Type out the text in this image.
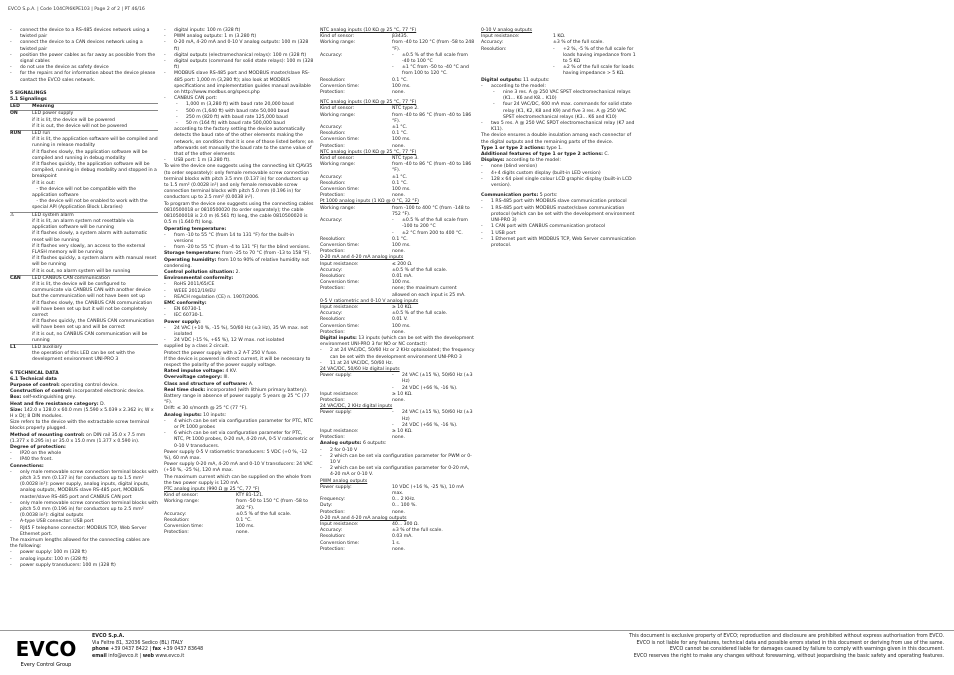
EVCO S.p.A. | Code 104CPI6KPE103 | Page 2 of 2 | PT 46/16
- connect the device to a RS-485 devices network using a twisted pair
- connect the device to a CAN devices network using a twisted pair
- position the power cables as far away as possible from the signal cables
- do not use the device as safety device
- for the repairs and for information about the device please contact the EVCO sales network.
5 SIGNALINGS
5.1 Signalings
LED	Meaning
ON	LED power supply
if it is lit, the device will be powered
if it is out, the device will not be powered
RUN	LED run
if it is lit, the application software will be compiled and running in release modality
if it flashes slowly, the application software will be compiled and running in debug modality
if it flashes quickly, the application software will be compiled, running in debug modality and stopped in a breakpoint
if it is out:
- the device will not be compatible with the application software
- the device will not be enabled to work with the special API (Application Block Libraries)
⚠	LED system alarm
if it is lit, an alarm system not resettable via application software will be running
if it flashes slowly, a system alarm with automatic reset will be running
if it flashes very slowly, an access to the external FLASH memory will be running
if it flashes quickly, a system alarm with manual reset will be running
if it is out, no alarm system will be running
CAN	LED CANBUS CAN communication
if it is lit, the device will be configured to communicate via CANBUS CAN with another device but the communication will not have been set up
if it flashes slowly, the CANBUS CAN communication will have been set up but it will not be completely correct
if it flashes quickly, the CANBUS CAN communication will have been set up and will be correct
if it is out, no CANBUS CAN communication will be running
L1	LED auxiliary
the operation of this LED can be set with the development environment UNI-PRO 3
6 TECHNICAL DATA
6.1 Technical data
Purpose of control: operating control device.
Construction of control: incorporated electronic device.
Box: self-extinguishing grey.
Heat and fire resistance category: D.
Size: 142.0 x 128.0 x 60.0 mm (5.590 x 5.039 x 2.362 in; W x H x D); 8 DIN modules.
Size refers to the device with the extractable screw terminal blocks properly plugged.
Method of mounting control: on DIN rail 35.0 x 7.5 mm (1.377 x 0.295 in) or 35.0 x 15.0 mm (1.377 x 0.590 in).
Degree of protection:
- IP20 on the whole
- IP40 the front.
Connections:
- only male removable screw connection terminal blocks with pitch 3.5 mm (0.137 in) for conductors up to 1.5 mm² (0.0028 in²): power supply, analog inputs, digital inputs, analog outputs, MODBUS slave RS-485 port, MODBUS master/slave RS-485 port and CANBUS CAN port
- only male removable screw connection terminal blocks with pitch 5.0 mm (0.196 in) for conductors up to 2.5 mm² (0.0038 in²): digital outputs
- A-type USB connector: USB port
- RJ45 F telephone connector: MODBUS TCP, Web Server Ethernet port.
The maximum lengths allowed for the connecting cables are the following:
- power supply: 100 m (328 ft)
- analog inputs: 100 m (328 ft)
- power supply transducers: 100 m (328 ft)
- digital inputs: 100 m (328 ft)
- PWM analog outputs: 1 m (3.280 ft)
- 0-20 mA, 4-20 mA and 0-10 V analog outputs: 100 m (328 ft)
- digital outputs (electromechanical relays): 100 m (328 ft)
- digital outputs (command for solid state relays): 100 m (328 ft)
- MODBUS slave RS-485 port and MODBUS master/slave RS-485 port: 1,000 m (3,280 ft); also look at MODBUS specifications and implementation guides manual available on http://www.modbus.org/specs.php
- CANBUS CAN port:
- 1,000 m (3,280 ft) with baud rate 20,000 baud
- 500 m (1,640 ft) with baud rate 50,000 baud
- 250 m (820 ft) with baud rate 125,000 baud
- 50 m (164 ft) with baud rate 500,000 baud
according to the factory setting the device automatically detects the baud rate of the other elements making the network, on condition that it is one of those listed before; on afterwards set manually the baud rate to the same value of that of the other elements
- USB port: 1 m (3.280 ft).
To wire the device one suggests using the connecting kit CJAV35 (to order separately): only female removable screw connection terminal blocks with pitch 3.5 mm (0.137 in) for conductors up to 1.5 mm² (0.0028 in²) and only female removable screw connection terminal blocks with pitch 5.0 mm (0.196 in) for conductors up to 2.5 mm² (0.0038 in²).
To program the device one suggests using the connecting cables 0810500018 or 0810500020 (to order separately); the cable 0810500018 is 2.0 m (6.561 ft) long, the cable 0810500020 is 0.5 m (1.640 ft) long.
Operating temperature:
- from -10 to 55 °C (from 14 to 131 °F) for the built-in versions
- from -20 to 55 °C (from -4 to 131 °F) for the blind versions.
Storage temperature: from -25 to 70 °C (from -13 to 158 °F).
Operating humidity: from 10 to 90% of relative humidity not condensing.
Control pollution situation: 2.
Environmental conformity:
- RoHS 2011/65/CE
- WEEE 2012/19/EU
- REACH regulation (CE) n. 1907/2006.
EMC conformity:
- EN 60730-1
- IEC 60730-1.
Power supply:
- 24 VAC (+10 %, -15 %), 50/60 Hz (±3 Hz), 35 VA max. not isolated
- 24 VDC (-15 %, +65 %), 12 W max. not isolated
supplied by a class 2 circuit.
Protect the power supply with a 2 A-T 250 V fuse.
If the device is powered in direct current, it will be necessary to respect the polarity of the power supply voltage.
Rated impulse voltage: 4 KV.
Overvoltage category: III.
Class and structure of software: A.
Real time clock: incorporated (with lithium primary battery).
Battery range in absence of power supply: 5 years @ 25 °C (77 °F).
Drift: ≤ 30 s/month @ 25 °C (77 °F).
Analog inputs: 10 inputs:
- 4 which can be set via configuration parameter for PTC, NTC or Pt 1000 probes
- 6 which can be set via configuration parameter for PTC, NTC, Pt 1000 probes, 0-20 mA, 4-20 mA, 0-5 V ratiometric or 0-10 V transducers.
Power supply 0-5 V ratiometric transducers: 5 VDC (+0 %, -12 %), 60 mA max.
Power supply 0-20 mA, 4-20 mA and 0-10 V transducers: 24 VAC (+50 %, -25 %), 120 mA max.
The maximum current which can be supplied on the whole from the two power supply is 120 mA.
PTC analog inputs (990 Ω @ 25 °C, 77 °F)
Kind of sensor:	KTY 81-121.
Working range:	from -50 to 150 °C (from -58 to 302 °F).
Accuracy:	±0.5 % of the full scale.
Resolution:	0.1 °C.
Conversion time:	100 ms.
Protection:	none.
NTC analog inputs (10 KΩ @ 25 °C, 77 °F)
Kind of sensor:	β3435.
Working range:	from -40 to 120 °C (from -58 to 248 °F).
Accuracy:	- ±0.5 % of the full scale from -40 to 100 °C
- ±1 °C from -50 to -40 °C and from 100 to 120 °C.
Resolution:	0.1 °C.
Conversion time:	100 ms.
Protection:	none.
NTC analog inputs (10 KΩ @ 25 °C, 77 °F)
Kind of sensor:	NTC type 2.
Working range:	from -40 to 86 °C (from -40 to 186 °F).
Accuracy:	±1 °C.
Resolution:	0.1 °C.
Conversion time:	100 ms.
Protection:	none.
NTC analog inputs (10 KΩ @ 25 °C, 77 °F)
Kind of sensor:	NTC type 3.
Working range:	from -40 to 86 °C (from -40 to 186 °F).
Accuracy:	±1 °C.
Resolution:	0.1 °C.
Conversion time:	100 ms.
Protection:	none.
Pt 1000 analog inputs (1 KΩ @ 0 °C, 32 °F)
Working range:	from -100 to 400 °C (from -148 to 752 °F).
Accuracy:	- ±0.5 % of the full scale from -100 to 200 °C
- ±2 °C from 200 to 400 °C.
Resolution:	0.1 °C.
Conversion time:	100 ms.
Protection:	none.
0-20 mA and 4-20 mA analog inputs
Input resistance:	≤ 200 Ω.
Accuracy:	±0.5 % of the full scale.
Resolution:	0.01 mA.
Conversion time:	100 ms.
Protection:	none; the maximum current allowed on each input is 25 mA.
0-5 V ratiometric and 0-10 V analog inputs
Input resistance:	≥ 10 KΩ.
Accuracy:	±0.5 % of the full scale.
Resolution:	0.01 V.
Conversion time:	100 ms.
Protection:	none.
Digital inputs: 13 inputs (which can be set with the development environment UNI-PRO 3 for NO or NC contact):
- 2 at 24 VAC/DC, 50/60 Hz or 2 KHz optoisolated; the frequency can be set with the development environment UNI-PRO 3
- 11 at 24 VAC/DC, 50/60 Hz.
24 VAC/DC, 50/60 Hz digital inputs
Power supply:	- 24 VAC (±15 %), 50/60 Hz (±3 Hz)
- 24 VDC (+66 %, -16 %).
Input resistance:	≥ 10 KΩ.
Protection:	none.
24 VAC/DC, 2 KHz digital inputs
Power supply:	- 24 VAC (±15 %), 50/60 Hz (±3 Hz)
- 24 VDC (+66 %, -16 %).
Input resistance:	≥ 10 KΩ.
Protection:	none.
Analog outputs: 6 outputs:
- 2 for 0-10 V
- 2 which can be set via configuration parameter for PWM or 0-10 V
- 2 which can be set via configuration parameter for 0-20 mA, 4-20 mA or 0-10 V.
PWM analog outputs
Power supply:	10 VDC (+16 %, -25 %), 10 mA max.
Frequency:	0... 2 KHz.
Duty:	0... 100 %.
Protection:	none.
0-20 mA and 4-20 mA analog outputs
Input resistance:	40... 300 Ω.
Accuracy:	±3 % of the full scale.
Resolution:	0.03 mA.
Conversion time:	1 s.
Protection:	none.
0-10 V analog outputs
Input resistance:	1 KΩ.
Accuracy:	±3 % of the full scale.
Resolution:	- +2 %, -5 % of the full scale for loads having impedance from 1 to 5 KΩ
- ±2 % of the full scale for loads having impedance > 5 KΩ.
Digital outputs: 11 outputs:
- according to the model:
- nine 3 res. A @ 250 VAC SPST electromechanical relays (K1... K6 and K8... K10)
- four 24 VAC/DC, 600 mA max. commands for solid state relay (K1, K2, K8 and K9) and five 3 res. A @ 250 VAC SPST electromechanical relays (K3... K6 and K10)
- two 5 res. A @ 250 VAC SPDT electromechanical relay (K7 and K11).
The device ensures a double insulation among each connector of the digital outputs and the remaining parts of the device.
Type 1 or type 2 actions: type 1.
Additional features of type 1 or type 2 actions: C.
Displays: according to the model:
- none (blind version)
- 4+4 digits custom display (built-in LED version)
- 128 x 64 pixel single colour LCD graphic display (built-in LCD version).
Communication ports: 5 ports:
- 1 RS-485 port with MODBUS slave communication protocol
- 1 RS-485 port with MODBUS master/slave communication protocol (which can be set with the development environment UNI-PRO 3)
- 1 CAN port with CANBUS communication protocol
- 1 USB port
- 1 Ethernet port with MODBUS TCP, Web Server communication protocol.
EVCO
Every Control Group
EVCO S.p.A.
Via Feltre 81, 32036 Sedico (BL) ITALY
phone +39 0437 8422 | fax +39 0437 83648
email info@evco.it | web www.evco.it
This document is exclusive property of EVCO; reproduction and disclosure are prohibited without express authorisation from EVCO.
EVCO is not liable for any features, technical data and possible errors stated in this document or deriving from use of the same.
EVCO cannot be considered liable for damages caused by failure to comply with warnings given in this document.
EVCO reserves the right to make any changes without forewarning, without jeopardising the basic safety and operating features.
